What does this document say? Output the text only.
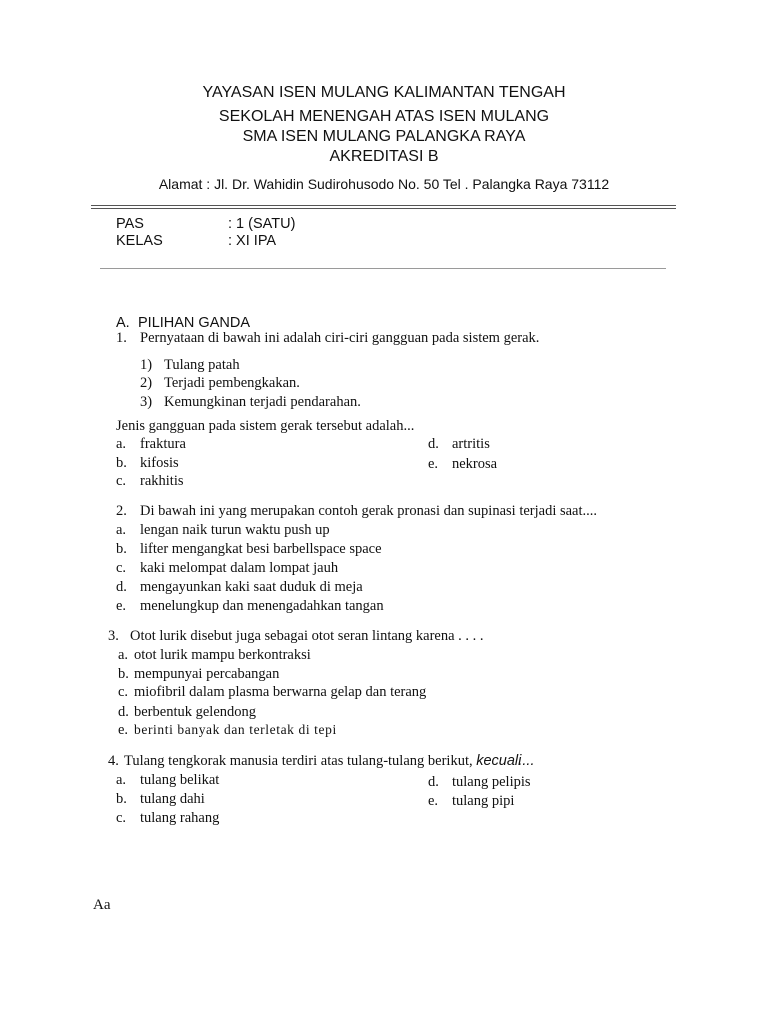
YAYASAN ISEN MULANG KALIMANTAN TENGAH
SEKOLAH MENENGAH ATAS ISEN MULANG
SMA ISEN MULANG PALANGKA RAYA
AKREDITASI B
Alamat : Jl. Dr. Wahidin Sudirohusodo No. 50 Tel . Palangka Raya 73112
PAS	: 1 (SATU)
KELAS	: XI IPA
A. PILIHAN GANDA
1. Pernyataan di bawah ini adalah ciri-ciri gangguan pada sistem gerak.
1) Tulang patah
2) Terjadi pembengkakan.
3) Kemungkinan terjadi pendarahan.
Jenis gangguan pada sistem gerak tersebut adalah...
a. fraktura
b. kifosis
c. rakhitis
d. artritis
e. nekrosa
2. Di bawah ini yang merupakan contoh gerak pronasi dan supinasi terjadi saat....
a. lengan naik turun waktu push up
b. lifter mengangkat besi barbellspace space
c. kaki melompat dalam lompat jauh
d. mengayunkan kaki saat duduk di meja
e. menelungkup dan menengadahkan tangan
3. Otot lurik disebut juga sebagai otot seran lintang karena . . . .
a. otot lurik mampu berkontraksi
b. mempunyai percabangan
c. miofibril dalam plasma berwarna gelap dan terang
d. berbentuk gelendong
e. berinti banyak dan terletak di tepi
4. Tulang tengkorak manusia terdiri atas tulang-tulang berikut, kecuali....
a. tulang belikat
b. tulang dahi
c. tulang rahang
d. tulang pelipis
e. tulang pipi
Aa
